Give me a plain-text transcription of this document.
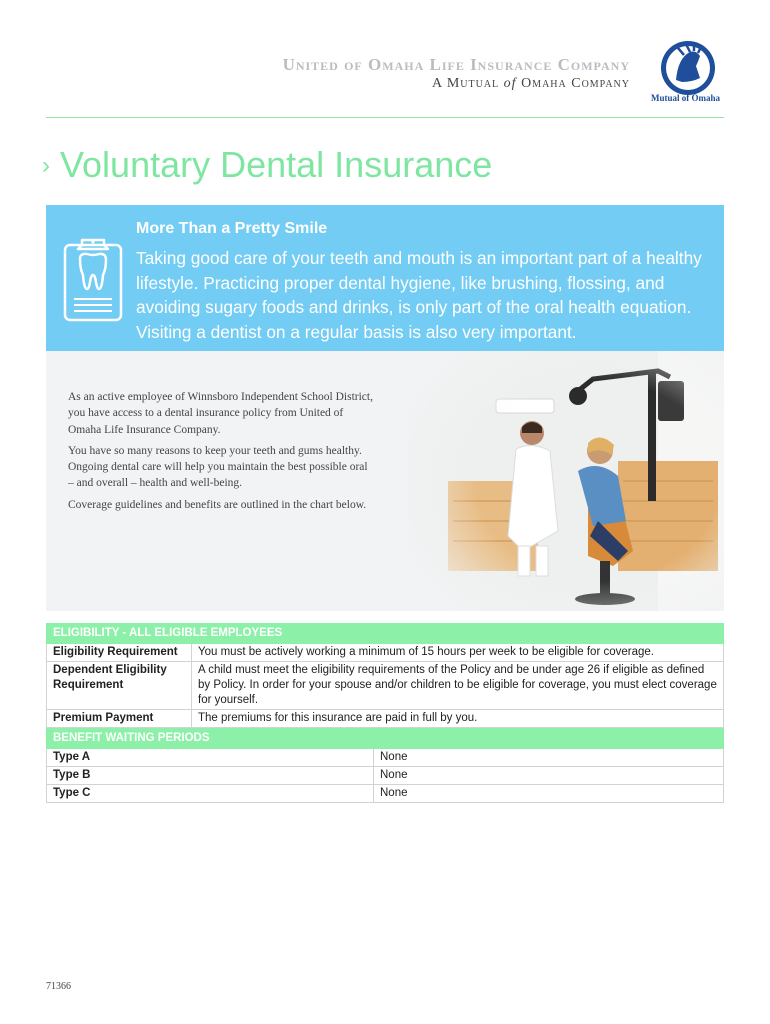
United of Omaha Life Insurance Company
A Mutual of Omaha Company
Mutual of Omaha
› Voluntary Dental Insurance
More Than a Pretty Smile
Taking good care of your teeth and mouth is an important part of a healthy lifestyle. Practicing proper dental hygiene, like brushing, flossing, and avoiding sugary foods and drinks, is only part of the oral health equation. Visiting a dentist on a regular basis is also very important.

As an active employee of Winnsboro Independent School District, you have access to a dental insurance policy from United of Omaha Life Insurance Company.

You have so many reasons to keep your teeth and gums healthy. Ongoing dental care will help you maintain the best possible oral – and overall – health and well-being.

Coverage guidelines and benefits are outlined in the chart below.

ELIGIBILITY - ALL ELIGIBLE EMPLOYEES	
Eligibility Requirement	You must be actively working a minimum of 15 hours per week to be eligible for coverage.
Dependent Eligibility Requirement	A child must meet the eligibility requirements of the Policy and be under age 26 if eligible as defined by Policy. In order for your spouse and/or children to be eligible for coverage, you must elect coverage for yourself.
Premium Payment	The premiums for this insurance are paid in full by you.
BENEFIT WAITING PERIODS	
Type A	None
Type B	None
Type C	None
71366
